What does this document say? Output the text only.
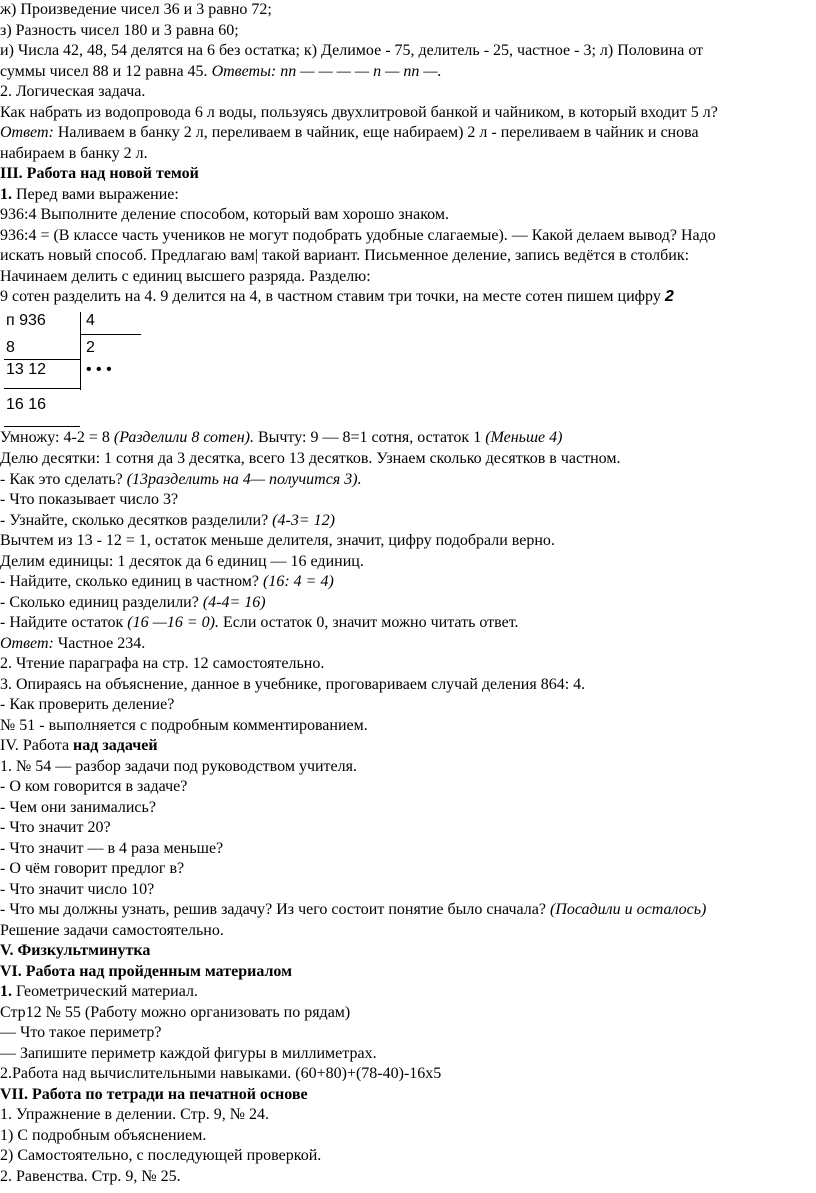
ж) Произведение чисел 36 и 3 равно 72;
з) Разность чисел 180 и 3 равна 60;
и) Числа 42, 48, 54 делятся на 6 без остатка; к) Делимое - 75, делитель - 25, частное - 3; л) Половина от
суммы чисел 88 и 12 равна 45. Ответы: пп — — — — п — пп —.
2. Логическая задача.
Как набрать из водопровода 6 л воды, пользуясь двухлитровой банкой и чайником, в который входит 5 л?
Ответ: Наливаем в банку 2 л, переливаем в чайник, еще набираем) 2 л - переливаем в чайник и снова
набираем в банку 2 л.
III. Работа над новой темой
1. Перед вами выражение:
936:4 Выполните деление способом, который вам хорошо знаком.
936:4 = (В классе часть учеников не могут подобрать удобные слагаемые). — Какой делаем вывод? Надо
искать новый способ. Предлагаю вам| такой вариант. Письменное деление, запись ведётся в столбик:
Начинаем делить с единиц высшего разряда. Разделю:
9 сотен разделить на 4. 9 делится на 4, в частном ставим три точки, на месте сотен пишем цифру 2
п 936	4
8	2
13 12 • • •
16 16
Умножу: 4-2 = 8 (Разделили 8 сотен). Вычту: 9 — 8=1 сотня, остаток 1 (Меньше 4)
Делю десятки: 1 сотня да 3 десятка, всего 13 десятков. Узнаем сколько десятков в частном.
- Как это сделать? (13разделить на 4— получится 3).
- Что показывает число 3?
- Узнайте, сколько десятков разделили? (4-3= 12)
Вычтем из 13 - 12 = 1, остаток меньше делителя, значит, цифру подобрали верно.
Делим единицы: 1 десяток да 6 единиц — 16 единиц.
- Найдите, сколько единиц в частном? (16: 4 = 4)
- Сколько единиц разделили? (4-4= 16)
- Найдите остаток (16 —16 = 0). Если остаток 0, значит можно читать ответ.
Ответ: Частное 234.
2. Чтение параграфа на стр. 12 самостоятельно.
3. Опираясь на объяснение, данное в учебнике, проговариваем случай деления 864: 4.
- Как проверить деление?
№ 51 - выполняется с подробным комментированием.
IV. Работа над задачей
1. № 54 — разбор задачи под руководством учителя.
- О ком говорится в задаче?
- Чем они занимались?
- Что значит 20?
- Что значит — в 4 раза меньше?
- О чём говорит предлог в?
- Что значит число 10?
- Что мы должны узнать, решив задачу? Из чего состоит понятие было сначала? (Посадили и осталось)
Решение задачи самостоятельно.
V. Физкультминутка
VI. Работа над пройденным материалом
1. Геометрический материал.
Стр12 № 55 (Работу можно организовать по рядам)
— Что такое периметр?
— Запишите периметр каждой фигуры в миллиметрах.
2.Работа над вычислительными навыками. (60+80)+(78-40)-16х5
VII. Работа по тетради на печатной основе
1. Упражнение в делении. Стр. 9, № 24.
1) С подробным объяснением.
2) Самостоятельно, с последующей проверкой.
2. Равенства. Стр. 9, № 25.
